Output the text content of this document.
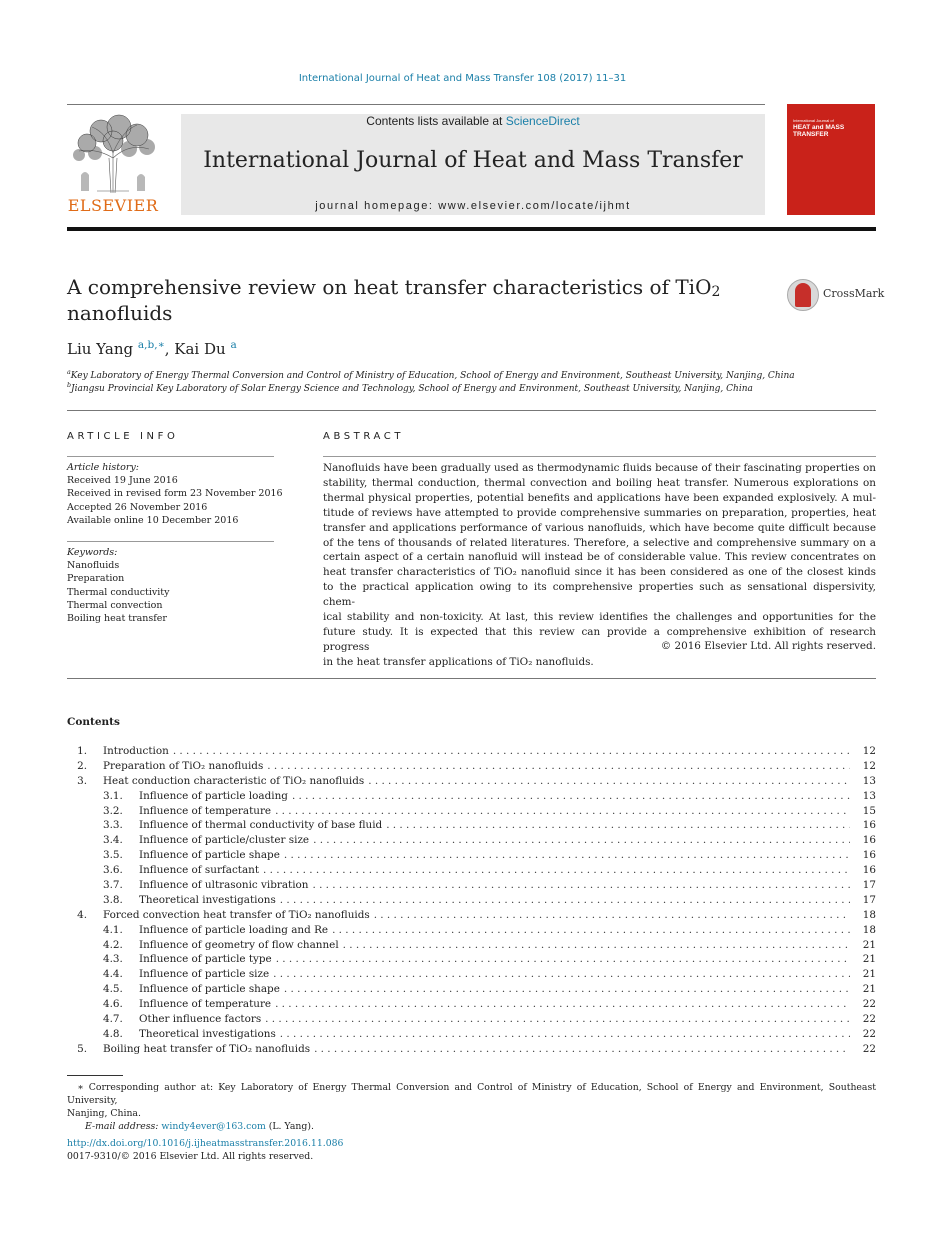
International Journal of Heat and Mass Transfer 108 (2017) 11–31
ELSEVIER
Contents lists available at ScienceDirect
International Journal of Heat and Mass Transfer
journal homepage: www.elsevier.com/locate/ijhmt
International Journal of
HEAT and MASS TRANSFER
A comprehensive review on heat transfer characteristics of TiO$_2$
nanofluids
CrossMark
Liu Yang $^{a,b,∗}$, Kai Du $^a$
$^a$Key Laboratory of Energy Thermal Conversion and Control of Ministry of Education, School of Energy and Environment, Southeast University, Nanjing, China
$^b$Jiangsu Provincial Key Laboratory of Solar Energy Science and Technology, School of Energy and Environment, Southeast University, Nanjing, China
ARTICLE INFO
Article history:
Received 19 June 2016
Received in revised form 23 November 2016
Accepted 26 November 2016
Available online 10 December 2016
Keywords:
Nanofluids
Preparation
Thermal conductivity
Thermal convection
Boiling heat transfer
ABSTRACT
Nanofluids have been gradually used as thermodynamic fluids because of their fascinating properties on
stability, thermal conduction, thermal convection and boiling heat transfer. Numerous explorations on
thermal physical properties, potential benefits and applications have been expanded explosively. A mul-
titude of reviews have attempted to provide comprehensive summaries on preparation, properties, heat
transfer and applications performance of various nanofluids, which have become quite difficult because
of the tens of thousands of related literatures. Therefore, a selective and comprehensive summary on a
certain aspect of a certain nanofluid will instead be of considerable value. This review concentrates on
heat transfer characteristics of TiO₂ nanofluid since it has been considered as one of the closest kinds
to the practical application owing to its comprehensive properties such as sensational dispersivity, chem-
ical stability and non-toxicity. At last, this review identifies the challenges and opportunities for the
future study. It is expected that this review can provide a comprehensive exhibition of research progress
in the heat transfer applications of TiO₂ nanofluids.
© 2016 Elsevier Ltd. All rights reserved.
Contents
1. Introduction . . .	12
2. Preparation of TiO₂ nanofluids . . .	12
3. Heat conduction characteristic of TiO₂ nanofluids . . .	13
3.1.	Influence of particle loading . . .	13
3.2.	Influence of temperature . . .	15
3.3.	Influence of thermal conductivity of base fluid . . .	16
3.4.	Influence of particle/cluster size . . .	16
3.5.	Influence of particle shape . . .	16
3.6.	Influence of surfactant . . .	16
3.7.	Influence of ultrasonic vibration . . .	17
3.8.	Theoretical investigations . . .	17
4. Forced convection heat transfer of TiO₂ nanofluids . . .	18
4.1.	Influence of particle loading and Re . . .	18
4.2.	Influence of geometry of flow channel . . .	21
4.3.	Influence of particle type . . .	21
4.4.	Influence of particle size . . .	21
4.5.	Influence of particle shape . . .	21
4.6.	Influence of temperature . . .	22
4.7.	Other influence factors . . .	22
4.8.	Theoretical investigations . . .	22
5. Boiling heat transfer of TiO₂ nanofluids . . .	22
∗ Corresponding author at: Key Laboratory of Energy Thermal Conversion and Control of Ministry of Education, School of Energy and Environment, Southeast University,
Nanjing, China.
E-mail address: windy4ever@163.com (L. Yang).
http://dx.doi.org/10.1016/j.ijheatmasstransfer.2016.11.086
0017-9310/© 2016 Elsevier Ltd. All rights reserved.
